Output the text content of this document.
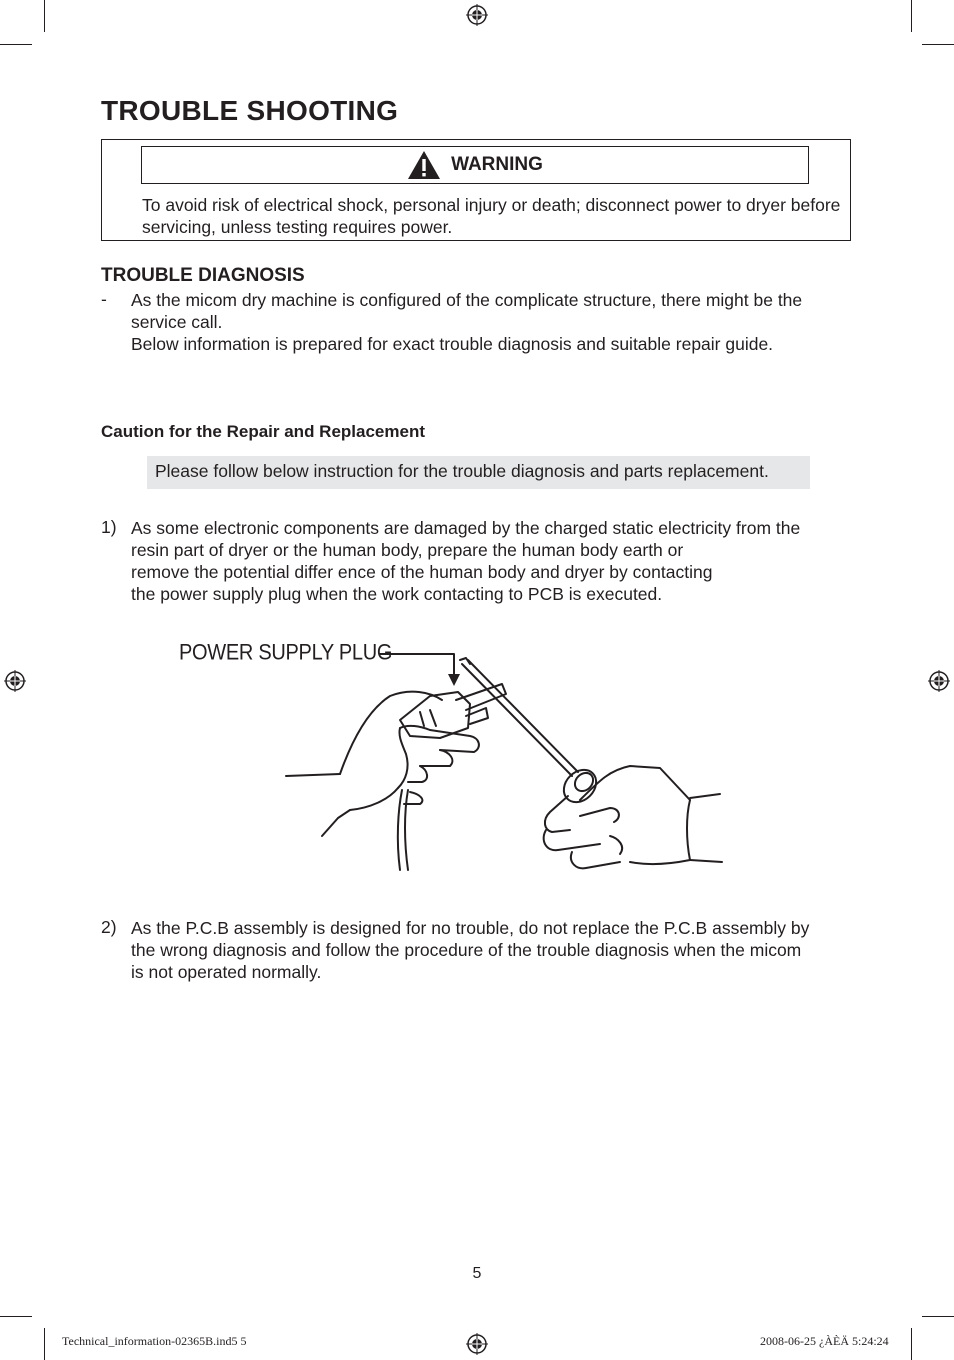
TROUBLE SHOOTING
WARNING
To avoid risk of electrical shock, personal injury or death; disconnect power to dryer before servicing, unless testing requires power.
TROUBLE DIAGNOSIS
- As the micom dry machine is configured of the complicate structure, there might be the service call.
Below information is prepared for exact trouble diagnosis and suitable repair guide.
Caution for the Repair and Replacement
Please follow below instruction for the trouble diagnosis and parts replacement.
1) As some electronic components are damaged by the charged static electricity from the
resin part of dryer or the human body, prepare the human body earth or
remove the potential differ ence of the human body and dryer by contacting
the power supply plug when the work contacting to PCB is executed.
POWER SUPPLY PLUG
2) As the P.C.B assembly is designed for no trouble, do not replace the P.C.B assembly by
the wrong diagnosis and follow the procedure of the trouble diagnosis when the micom
is not operated normally.
5
Technical_information-02365B.ind5 5	2008-06-25 ¿ÀÈÄ 5:24:24
